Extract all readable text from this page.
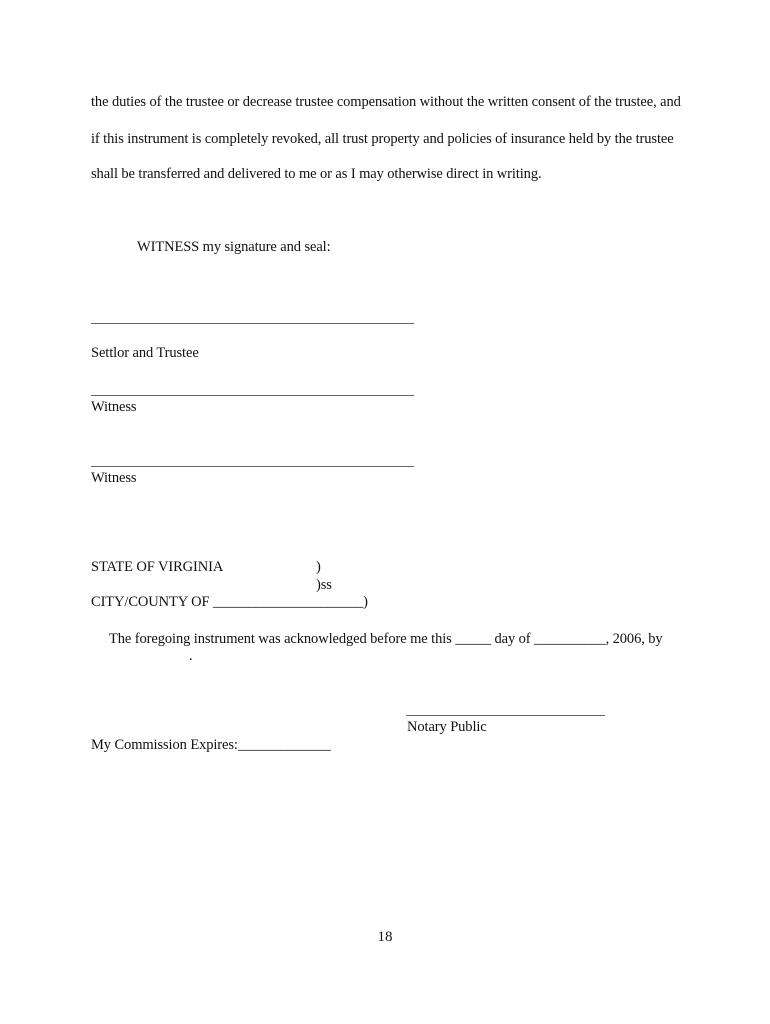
the duties of the trustee or decrease trustee compensation without the written consent of the trustee, and
if this instrument is completely revoked, all trust property and policies of insurance held by the trustee
shall be transferred and delivered to me or as I may otherwise direct in writing.
WITNESS my signature and seal:
Settlor and Trustee
Witness
Witness
STATE OF VIRGINIA	)
)ss
CITY/COUNTY OF _____________________)
The foregoing instrument was acknowledged before me this _____ day of __________, 2006, by
.
Notary Public
My Commission Expires:_____________
18
